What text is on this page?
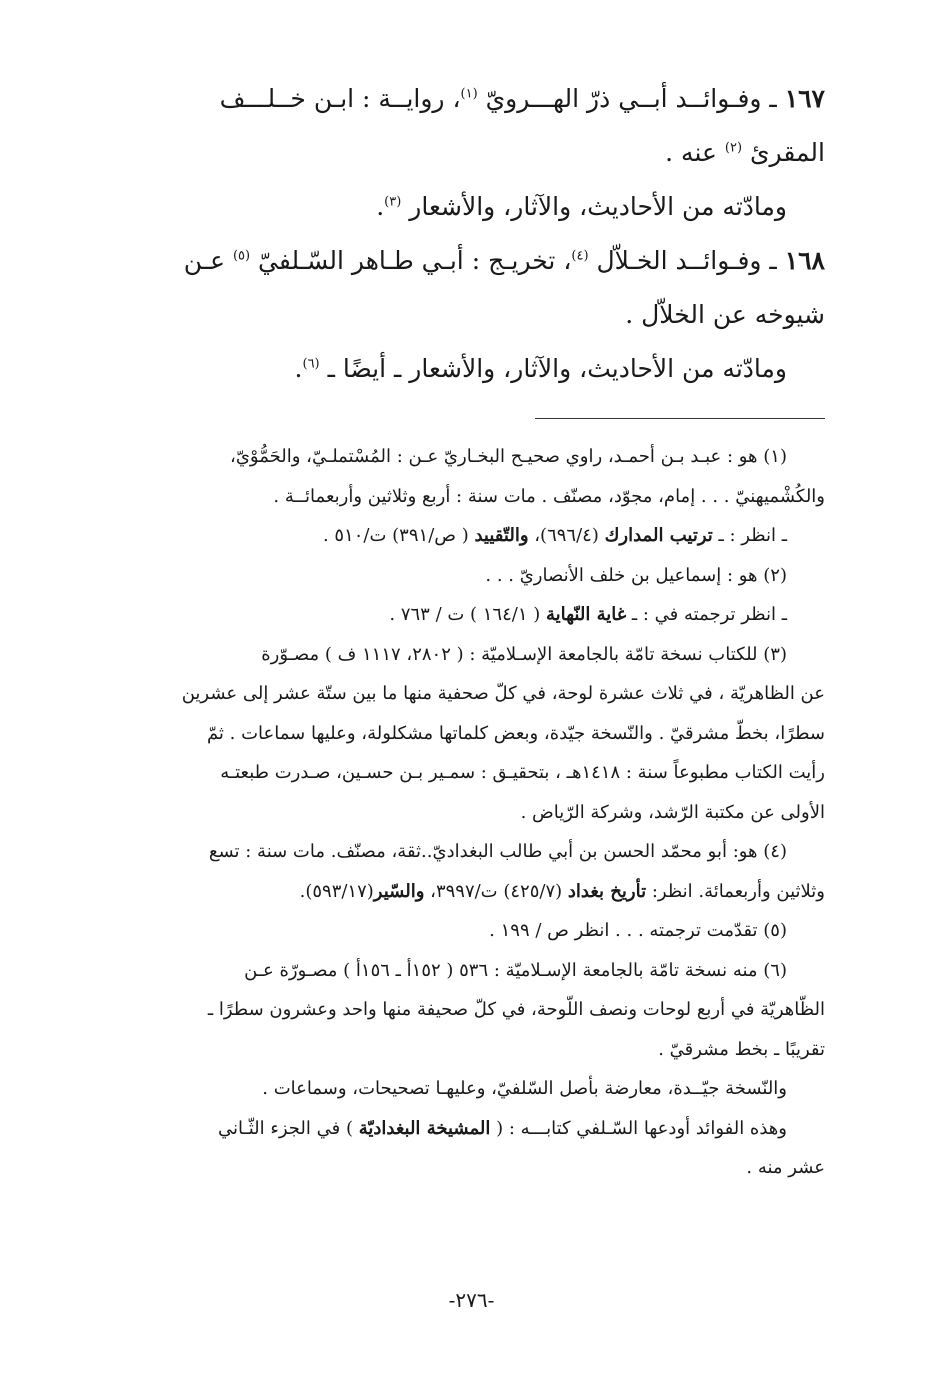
١٦٧ ـ وفـوائــد أبــي ذرّ الهـــرويّ $^{(١)}$، روايــة : ابـن خــلـــف

المقرئ $^{(٢)}$ عنه .

ومادّته من الأحاديث، والآثار، والأشعار $^{(٣)}$.

١٦٨ ـ وفـوائــد الخـلاّل $^{(٤)}$، تخريـج : أبـي طـاهر السّـلفيّ $^{(٥)}$ عـن

شيوخه عن الخلاّل .

ومادّته من الأحاديث، والآثار، والأشعار ـ أيضًا ـ $^{(٦)}$.

(١) هو : عبـد بـن أحمـد، راوي صحيـح البخـاريّ عـن : المُسْتملـيّ، والحَمُّوْيّ،

والكُشْميهنيّ . . . إمام، مجوّد، مصنّف . مات سنة : أربع وثلاثين وأربعمائــة .

ـ انظر : ـ ترتيب المدارك (٦٩٦/٤)، والتّقييد ( ص/٣٩١) ت/٥١٠ .

(٢) هو : إسماعيل بن خلف الأنصاريّ . . .

ـ انظر ترجمته في : ـ غاية النّهاية ( ١٦٤/١ ) ت / ٧٦٣ .

(٣) للكتاب نسخة تامّة بالجامعة الإسـلاميّة : ( ٢٨٠٢، ١١١٧ ف ) مصـوّرة

عن الظاهريّة ، في ثلاث عشرة لوحة، في كلّ صحفية منها ما بين ستّة عشر إلى عشرين

سطرًا، بخطّ مشرقيّ . والنّسخة جيّدة، وبعض كلماتها مشكلولة، وعليها سماعات . ثمّ

رأيت الكتاب مطبوعاً سنة : ١٤١٨هـ ، بتحقيـق : سمـير بـن حسـين، صـدرت طبعتـه

الأولى عن مكتبة الرّشد، وشركة الرّياض .

(٤) هو: أبو محمّد الحسن بن أبي طالب البغداديّ..ثقة، مصنّف. مات سنة : تسع

وثلاثين وأربعمائة. انظر: تأريخ بغداد (٤٢٥/٧) ت/٣٩٩٧، والسّير(٥٩٣/١٧).

(٥) تقدّمت ترجمته . . . انظر ص / ١٩٩ .

(٦) منه نسخة تامّة بالجامعة الإسـلاميّة : ٥٣٦ ( ١٥٢أ ـ ١٥٦أ ) مصـورّة عـن

الظّاهريّة في أربع لوحات ونصف اللّوحة، في كلّ صحيفة منها واحد وعشرون سطرًا ـ

تقريبًا ـ بخط مشرقيّ .

والنّسخة جيّــدة، معارضة بأصل السّلفيّ، وعليهـا تصحيحات، وسماعات .

وهذه الفوائد أودعها السّـلفي كتابـــه : ( المشيخة البغداديّة ) في الجزء الثّـاني

عشر منه .

-٢٧٦-
